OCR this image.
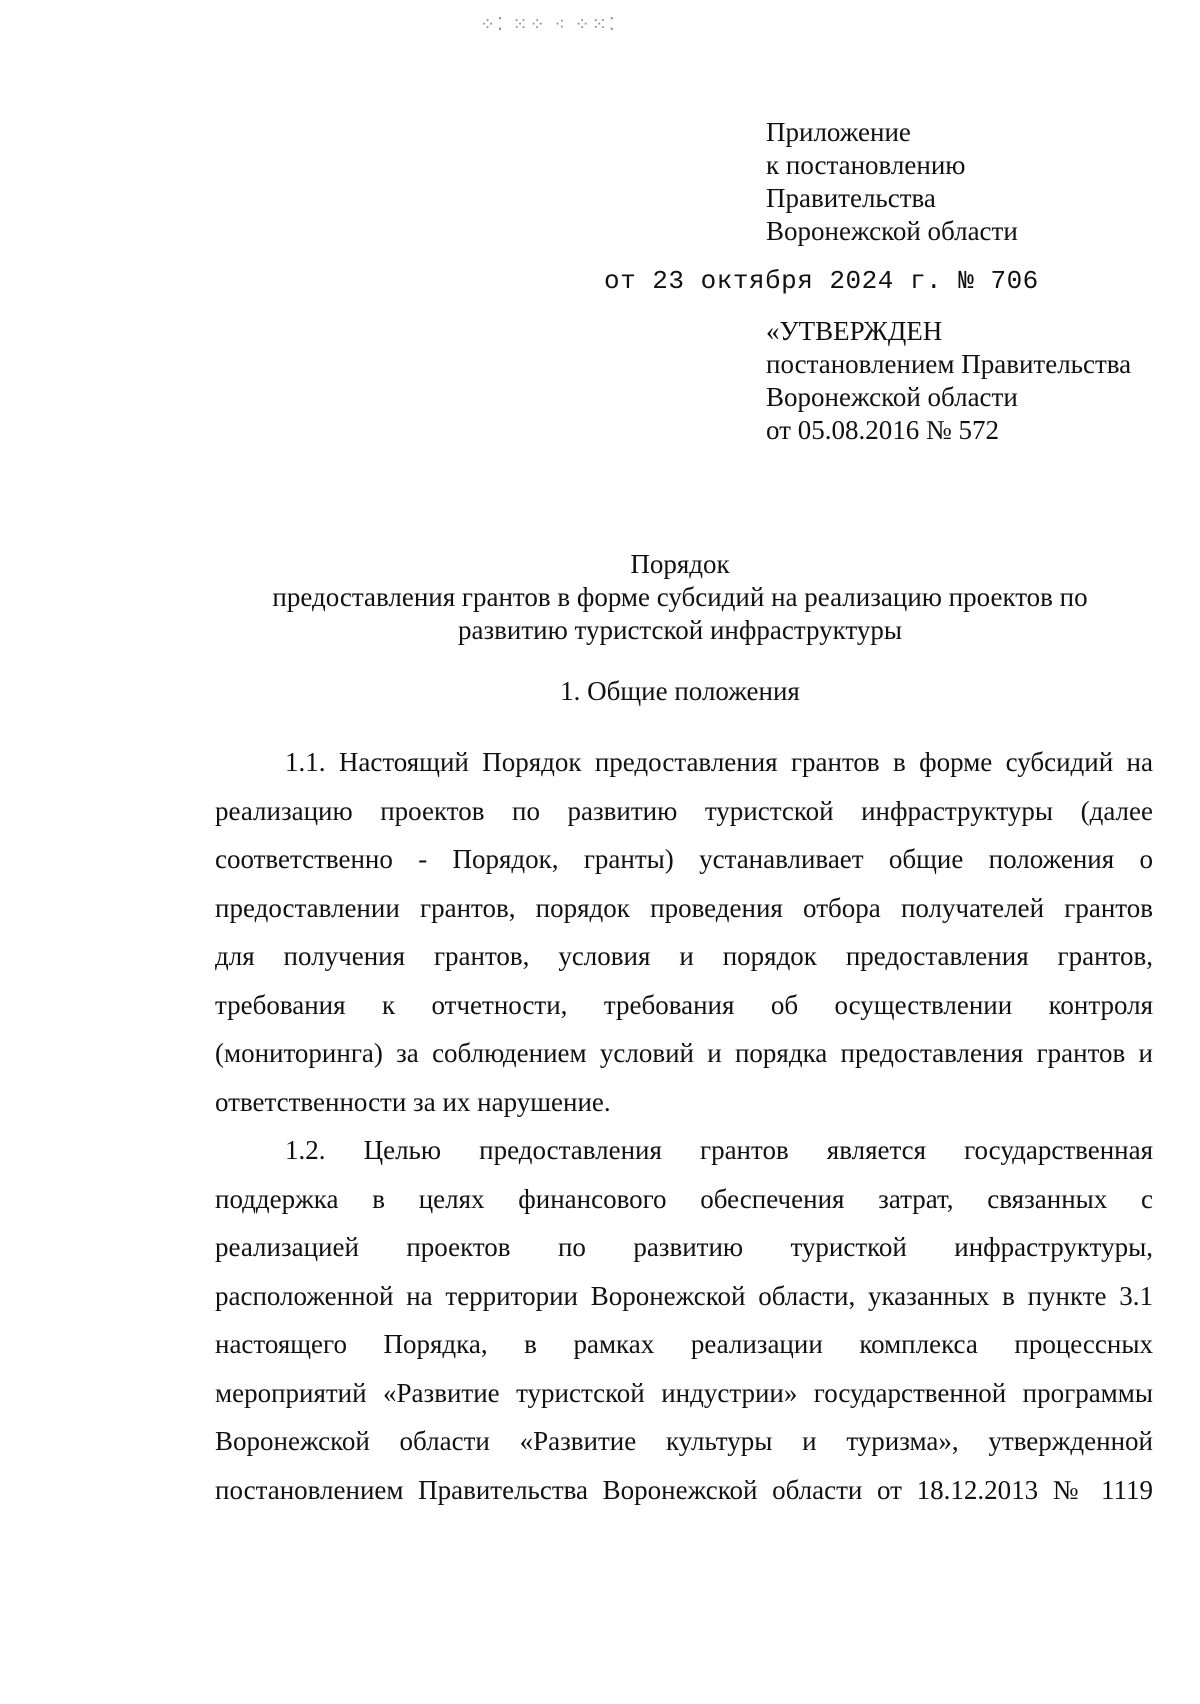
⁘⁚ ⁙⁘ ⁖ ⁘⁙⁚
Приложение
к постановлению
Правительства
Воронежской области
от 23 октября 2024 г. № 706
«УТВЕРЖДЕН
постановлением Правительства
Воронежской области
от 05.08.2016 № 572
Порядок
предоставления грантов в форме субсидий на реализацию проектов по
развитию туристской инфраструктуры
1. Общие положения
1.1. Настоящий Порядок предоставления грантов в форме субсидий на
реализацию проектов по развитию туристской инфраструктуры (далее
соответственно - Порядок, гранты) устанавливает общие положения о
предоставлении грантов, порядок проведения отбора получателей грантов
для получения грантов, условия и порядок предоставления грантов,
требования к отчетности, требования об осуществлении контроля
(мониторинга) за соблюдением условий и порядка предоставления грантов и
ответственности за их нарушение.
1.2. Целью предоставления грантов является государственная
поддержка в целях финансового обеспечения затрат, связанных с
реализацией проектов по развитию туристкой инфраструктуры,
расположенной на территории Воронежской области, указанных в пункте 3.1
настоящего Порядка, в рамках реализации комплекса процессных
мероприятий «Развитие туристской индустрии» государственной программы
Воронежской области «Развитие культуры и туризма», утвержденной
постановлением Правительства Воронежской области от 18.12.2013 № 1119
